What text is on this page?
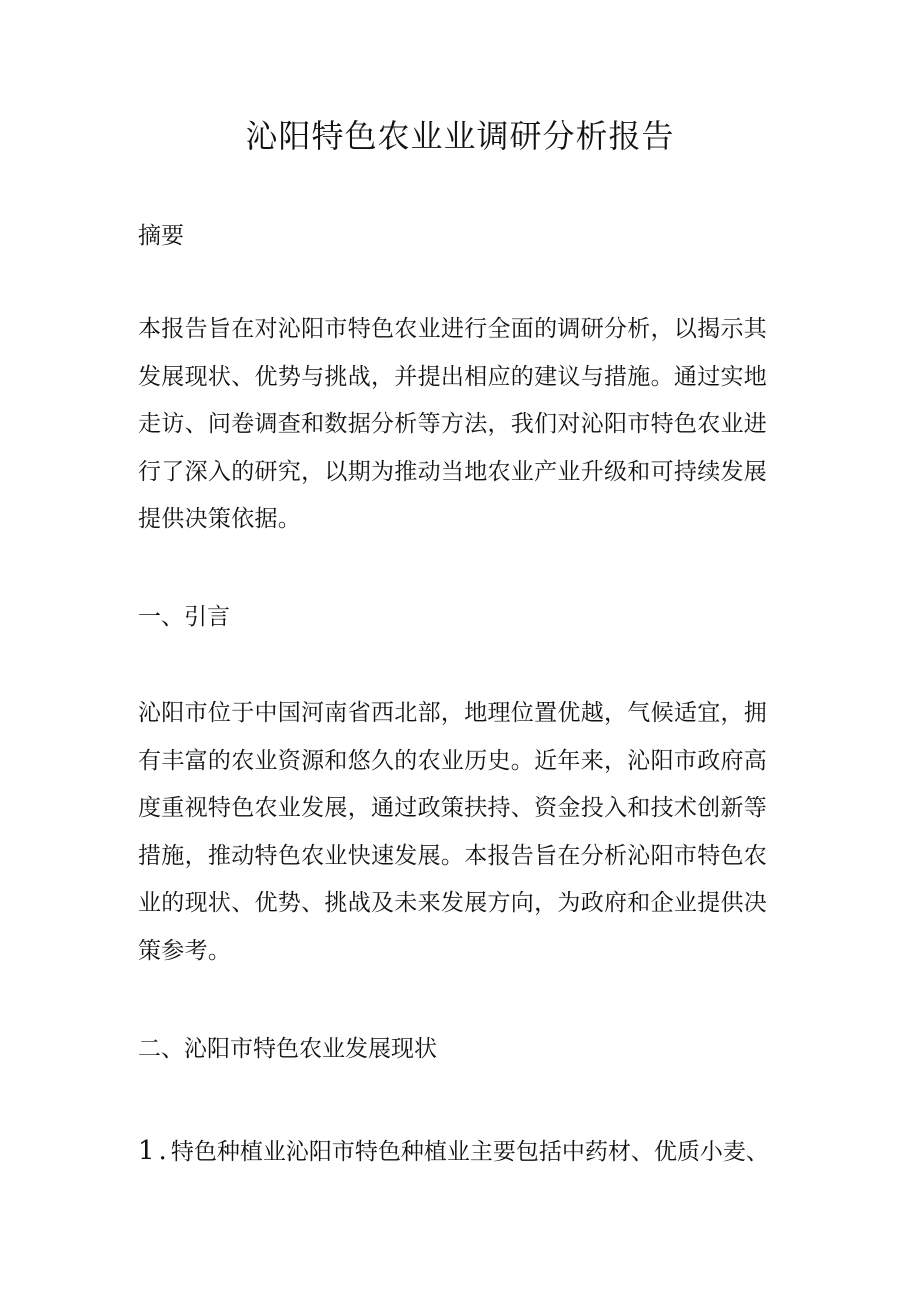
沁阳特色农业业调研分析报告
摘要
本报告旨在对沁阳市特色农业进行全面的调研分析，以揭示其
发展现状、优势与挑战，并提出相应的建议与措施。通过实地
走访、问卷调查和数据分析等方法，我们对沁阳市特色农业进
行了深入的研究，以期为推动当地农业产业升级和可持续发展
提供决策依据。
一、引言
沁阳市位于中国河南省西北部，地理位置优越，气候适宜，拥
有丰富的农业资源和悠久的农业历史。近年来，沁阳市政府高
度重视特色农业发展，通过政策扶持、资金投入和技术创新等
措施，推动特色农业快速发展。本报告旨在分析沁阳市特色农
业的现状、优势、挑战及未来发展方向，为政府和企业提供决
策参考。
二、沁阳市特色农业发展现状

1.特色种植业沁阳市特色种植业主要包括中药材、优质小麦、
